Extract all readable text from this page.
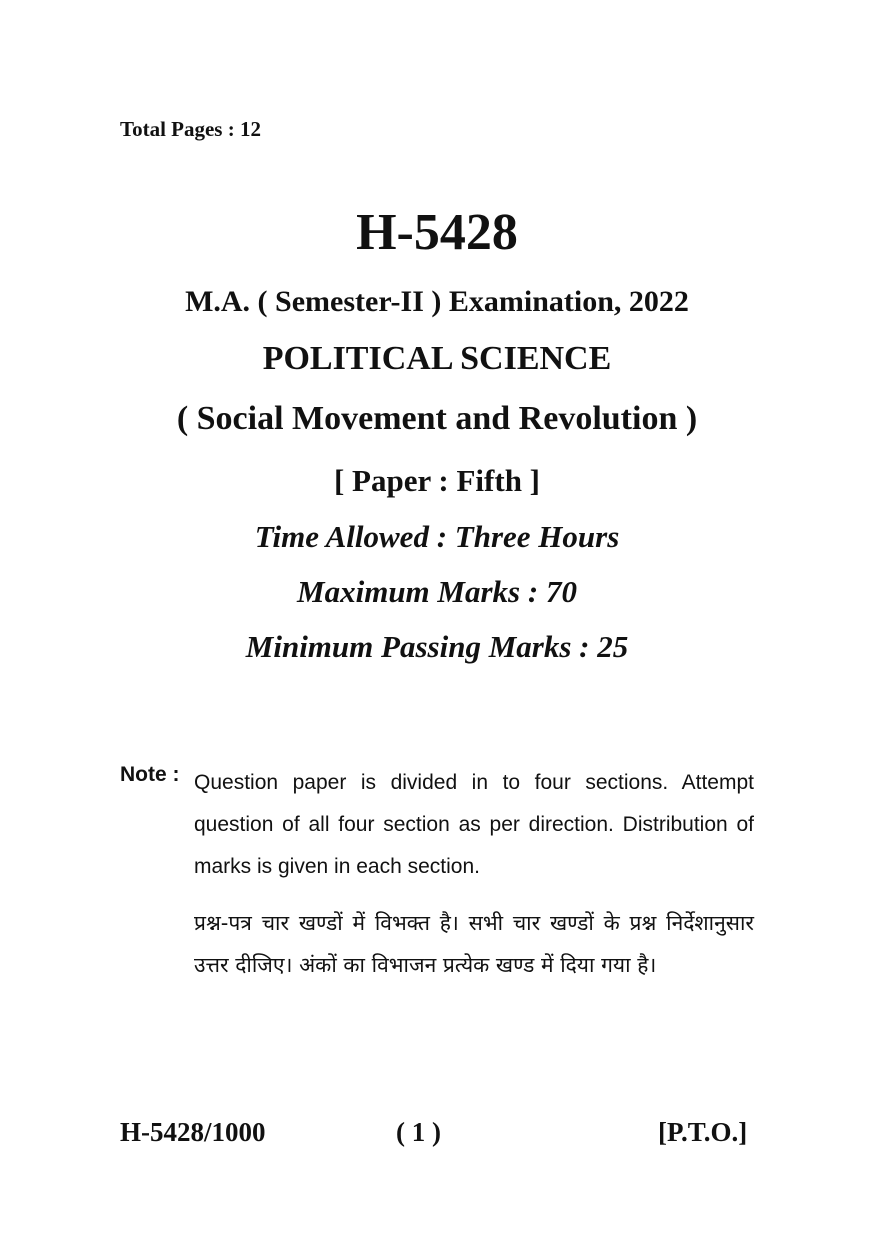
Total Pages : 12
H-5428
M.A. ( Semester-II ) Examination, 2022
POLITICAL SCIENCE
( Social Movement and Revolution )
[ Paper : Fifth ]
Time Allowed : Three Hours
Maximum Marks : 70
Minimum Passing Marks : 25
Note : Question paper is divided in to four sections. Attempt question of all four section as per direction. Distribution of marks is given in each section.
प्रश्न-पत्र चार खण्डों में विभक्त है। सभी चार खण्डों के प्रश्न निर्देशानुसार उत्तर दीजिए। अंकों का विभाजन प्रत्येक खण्ड में दिया गया है।
H-5428/1000	( 1 )	[P.T.O.]
